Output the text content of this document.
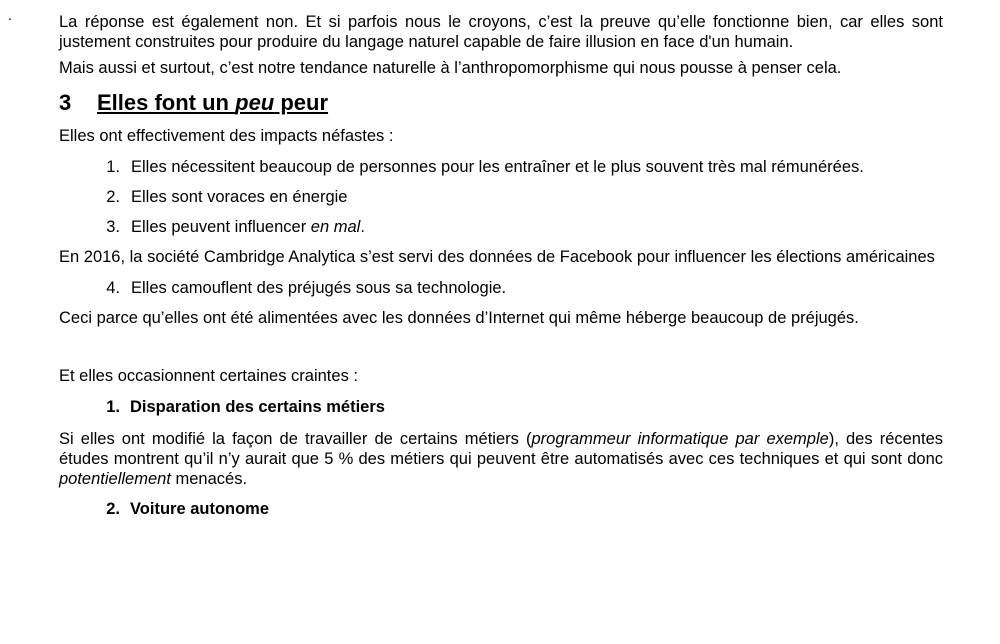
.	La réponse est également non. Et si parfois nous le croyons, c’est la preuve qu’elle fonctionne bien, car elles sont justement construites pour produire du langage naturel capable de faire illusion en face d'un humain.

Mais aussi et surtout, c’est notre tendance naturelle à l’anthropomorphisme qui nous pousse à penser cela.

3 Elles font un peu peur

Elles ont effectivement des impacts néfastes :

1. Elles nécessitent beaucoup de personnes pour les entraîner et le plus souvent très mal rémunérées.
2. Elles sont voraces en énergie
3. Elles peuvent influencer en mal.

En 2016, la société Cambridge Analytica s’est servi des données de Facebook pour influencer les élections américaines

4. Elles camouflent des préjugés sous sa technologie.

Ceci parce qu’elles ont été alimentées avec les données d’Internet qui même héberge beaucoup de préjugés.

Et elles occasionnent certaines craintes :

1. Disparation des certains métiers

Si elles ont modifié la façon de travailler de certains métiers (programmeur informatique par exemple), des récentes études montrent qu’il n’y aurait que 5 % des métiers qui peuvent être automatisés avec ces techniques et qui sont donc potentiellement menacés.

2. Voiture autonome
